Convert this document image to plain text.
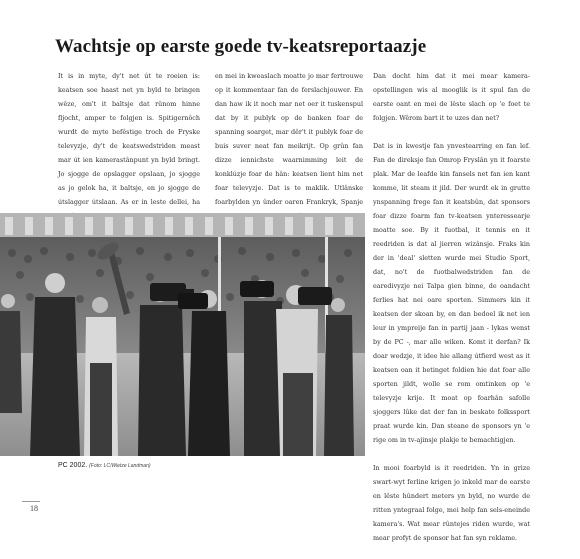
Wachtsje op earste goede tv-keatsreportaazje

It is in myte, dy't net út te roeien is: keatsen soe haast net yn byld te bringen wêze, om't it baltsje dat rûnom hinne fljocht, amper te folgjen is. Spitigernôch wurdt de myte befêstige troch de Fryske televyzje, dy't de keatswedstriden meast mar út ien kamerastânpunt yn byld bringt. Jo sjogge de opslagger opslaan, jo sjogge as jo gelok ha, it baltsje, en jo sjogge de útslagger útslaan. As er in leste dellei, ha

en mei in kweaslach moatte jo mar fertrouwe op it kommentaar fan de ferslachjouwer. En dan haw ik it noch mar net oer it tuskenspul dat by it publyk op de banken foar de spanning soarget, mar dêr't it publyk foar de buis suver neat fan meikrijt. Op grûn fan dizze iennichste waarnimming leit de konklúzje foar de hân: keatsen lient him net foar televyzje. Dat is te maklik. Utlânske foarbylden yn ûnder oaren Frankryk, Spanje

Dan docht him dat it mei mear kamera-opstellingen wis al mooglik is it spul fan de earste oant en mei de lêste slach op 'e foet te folgjen. Wêrom bart it te uzes dan net?

Dat is in kwestje fan ynvestearring en fan lef. Fan de direksje fan Omrop Fryslân yn it foarste plak. Mar de leafde kin fansels net fan ien kant komme, lit steam it jild. Der wurdt ek in grutte ynspanning frege fan it keatsbûn, dat sponsors foar dizze foarm fan tv-keatsen ynteressearje moatte soe. By it fuotbal, it tennis en it reedriden is dat al jierren wizânsje. Fraks kin der in 'deal' sletten wurde mei Studio Sport, dat, no't de fuotbalwedstriden fan de earedivyzje nei Talpa gien binne, de oandacht ferlies hat nei oare sporten. Simmers kin it keatsen der skoan by, en dan bedoel ik net ien leur in ympreije fan in partij jaan - lykas wenst by de PC -, mar alle wiken. Komt it derfan? Ik doar wedzje, it idee hie allang útfierd west as it keatsen oan it betinget foldien hie dat foar alle sporten jildt, wolle se rom omtinken op 'e televyzje krije. It moat op foarhân safolle sjoggers lûke dat der fan in beskate folkssport praat wurde kin. Dan steane de sponsors yn 'e rige om in tv-ajinsje plakje te bemachtigjen.

In mooi foarbyld is it reedriden. Yn in grize swart-wyt ferline krigen jo inkeld mar de earste en lêste hûndert meters yn byld, no wurde de ritten yntegraal folge, mei help fan sels-eneinde kamera's. Wat mear rûntejes riden wurde, wat mear profyt de sponsor hat fan syn reklame.

PC 2002. (Foto: LC/Wietze Landman)
18
